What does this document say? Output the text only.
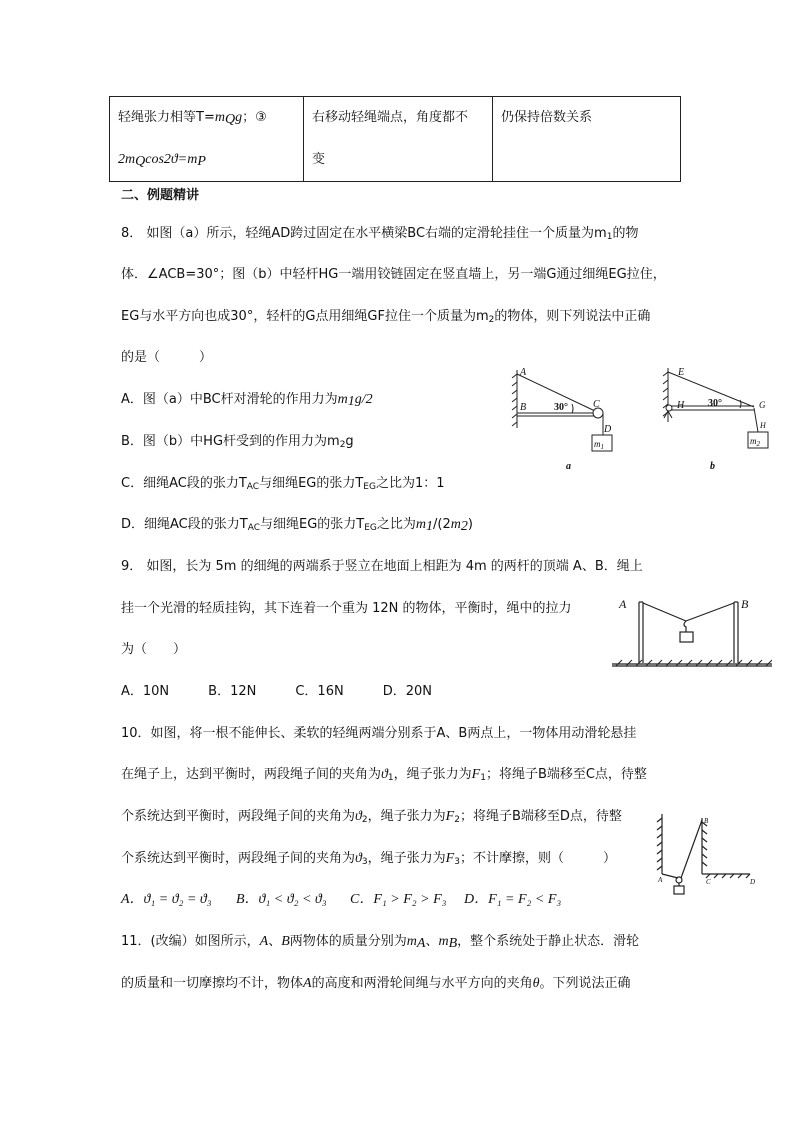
轻绳张力相等$T=m_Qg$；③
$2m_Q\cos 2ϑ=m_P$

右移动轻绳端点，角度都不
变

仍保持倍数关系
二、例题精讲
8． 如图（a）所示，轻绳AD跨过固定在水平横梁BC右端的定滑轮挂住一个质量为$m_1$的物
体．∠ACB=30°；图（b）中轻杆HG一端用铰链固定在竖直墙上，另一端G通过细绳EG拉住，
EG与水平方向也成30°，轻杆的G点用细绳GF拉住一个质量为$m_2$的物体，则下列说法中正确
的是（　　　）
A．图（a）中BC杆对滑轮的作用力为$m_1g/2$
B．图（b）中HG杆受到的作用力为$m_2g$
C．细绳AC段的张力$T_{AC}$与细绳EG的张力$T_{EG}$之比为1：1
D．细绳AC段的张力$T_{AC}$与细绳EG的张力$T_{EG}$之比为$m_1/(2m_2)$
A
B	C
D
$m_1$
30°
a
E
H	G
H
$m_2$
30°
b
9． 如图，长为 5m 的细绳的两端系于竖立在地面上相距为 4m 的两杆的顶端 A、B．绳上
挂一个光滑的轻质挂钩，其下连着一个重为 12N 的物体，平衡时，绳中的拉力
为（　　）
A．10N　　　B．12N　　　C．16N　　　D．20N
A	B
10．如图，将一根不能伸长、柔软的轻绳两端分别系于A、B两点上，一物体用动滑轮悬挂
在绳子上，达到平衡时，两段绳子间的夹角为$ϑ_1$，绳子张力为$F_1$；将绳子B端移至C点，待整
个系统达到平衡时，两段绳子间的夹角为$ϑ_2$，绳子张力为$F_2$；将绳子B端移至D点，待整
个系统达到平衡时，两段绳子间的夹角为$ϑ_3$，绳子张力为$F_3$；不计摩擦，则（　　　）
A．ϑ₁ = ϑ₂ = ϑ₃ B．ϑ₁ < ϑ₂ < ϑ₃ C．F₁ > F₂ > F₃ D．F₁ = F₂ < F₃
A
B
C	D
11．(改编）如图所示，A、B两物体的质量分别为$m_A$、$m_B$，整个系统处于静止状态．滑轮
的质量和一切摩擦均不计，物体A的高度和两滑轮间绳与水平方向的夹角θ。下列说法正确
